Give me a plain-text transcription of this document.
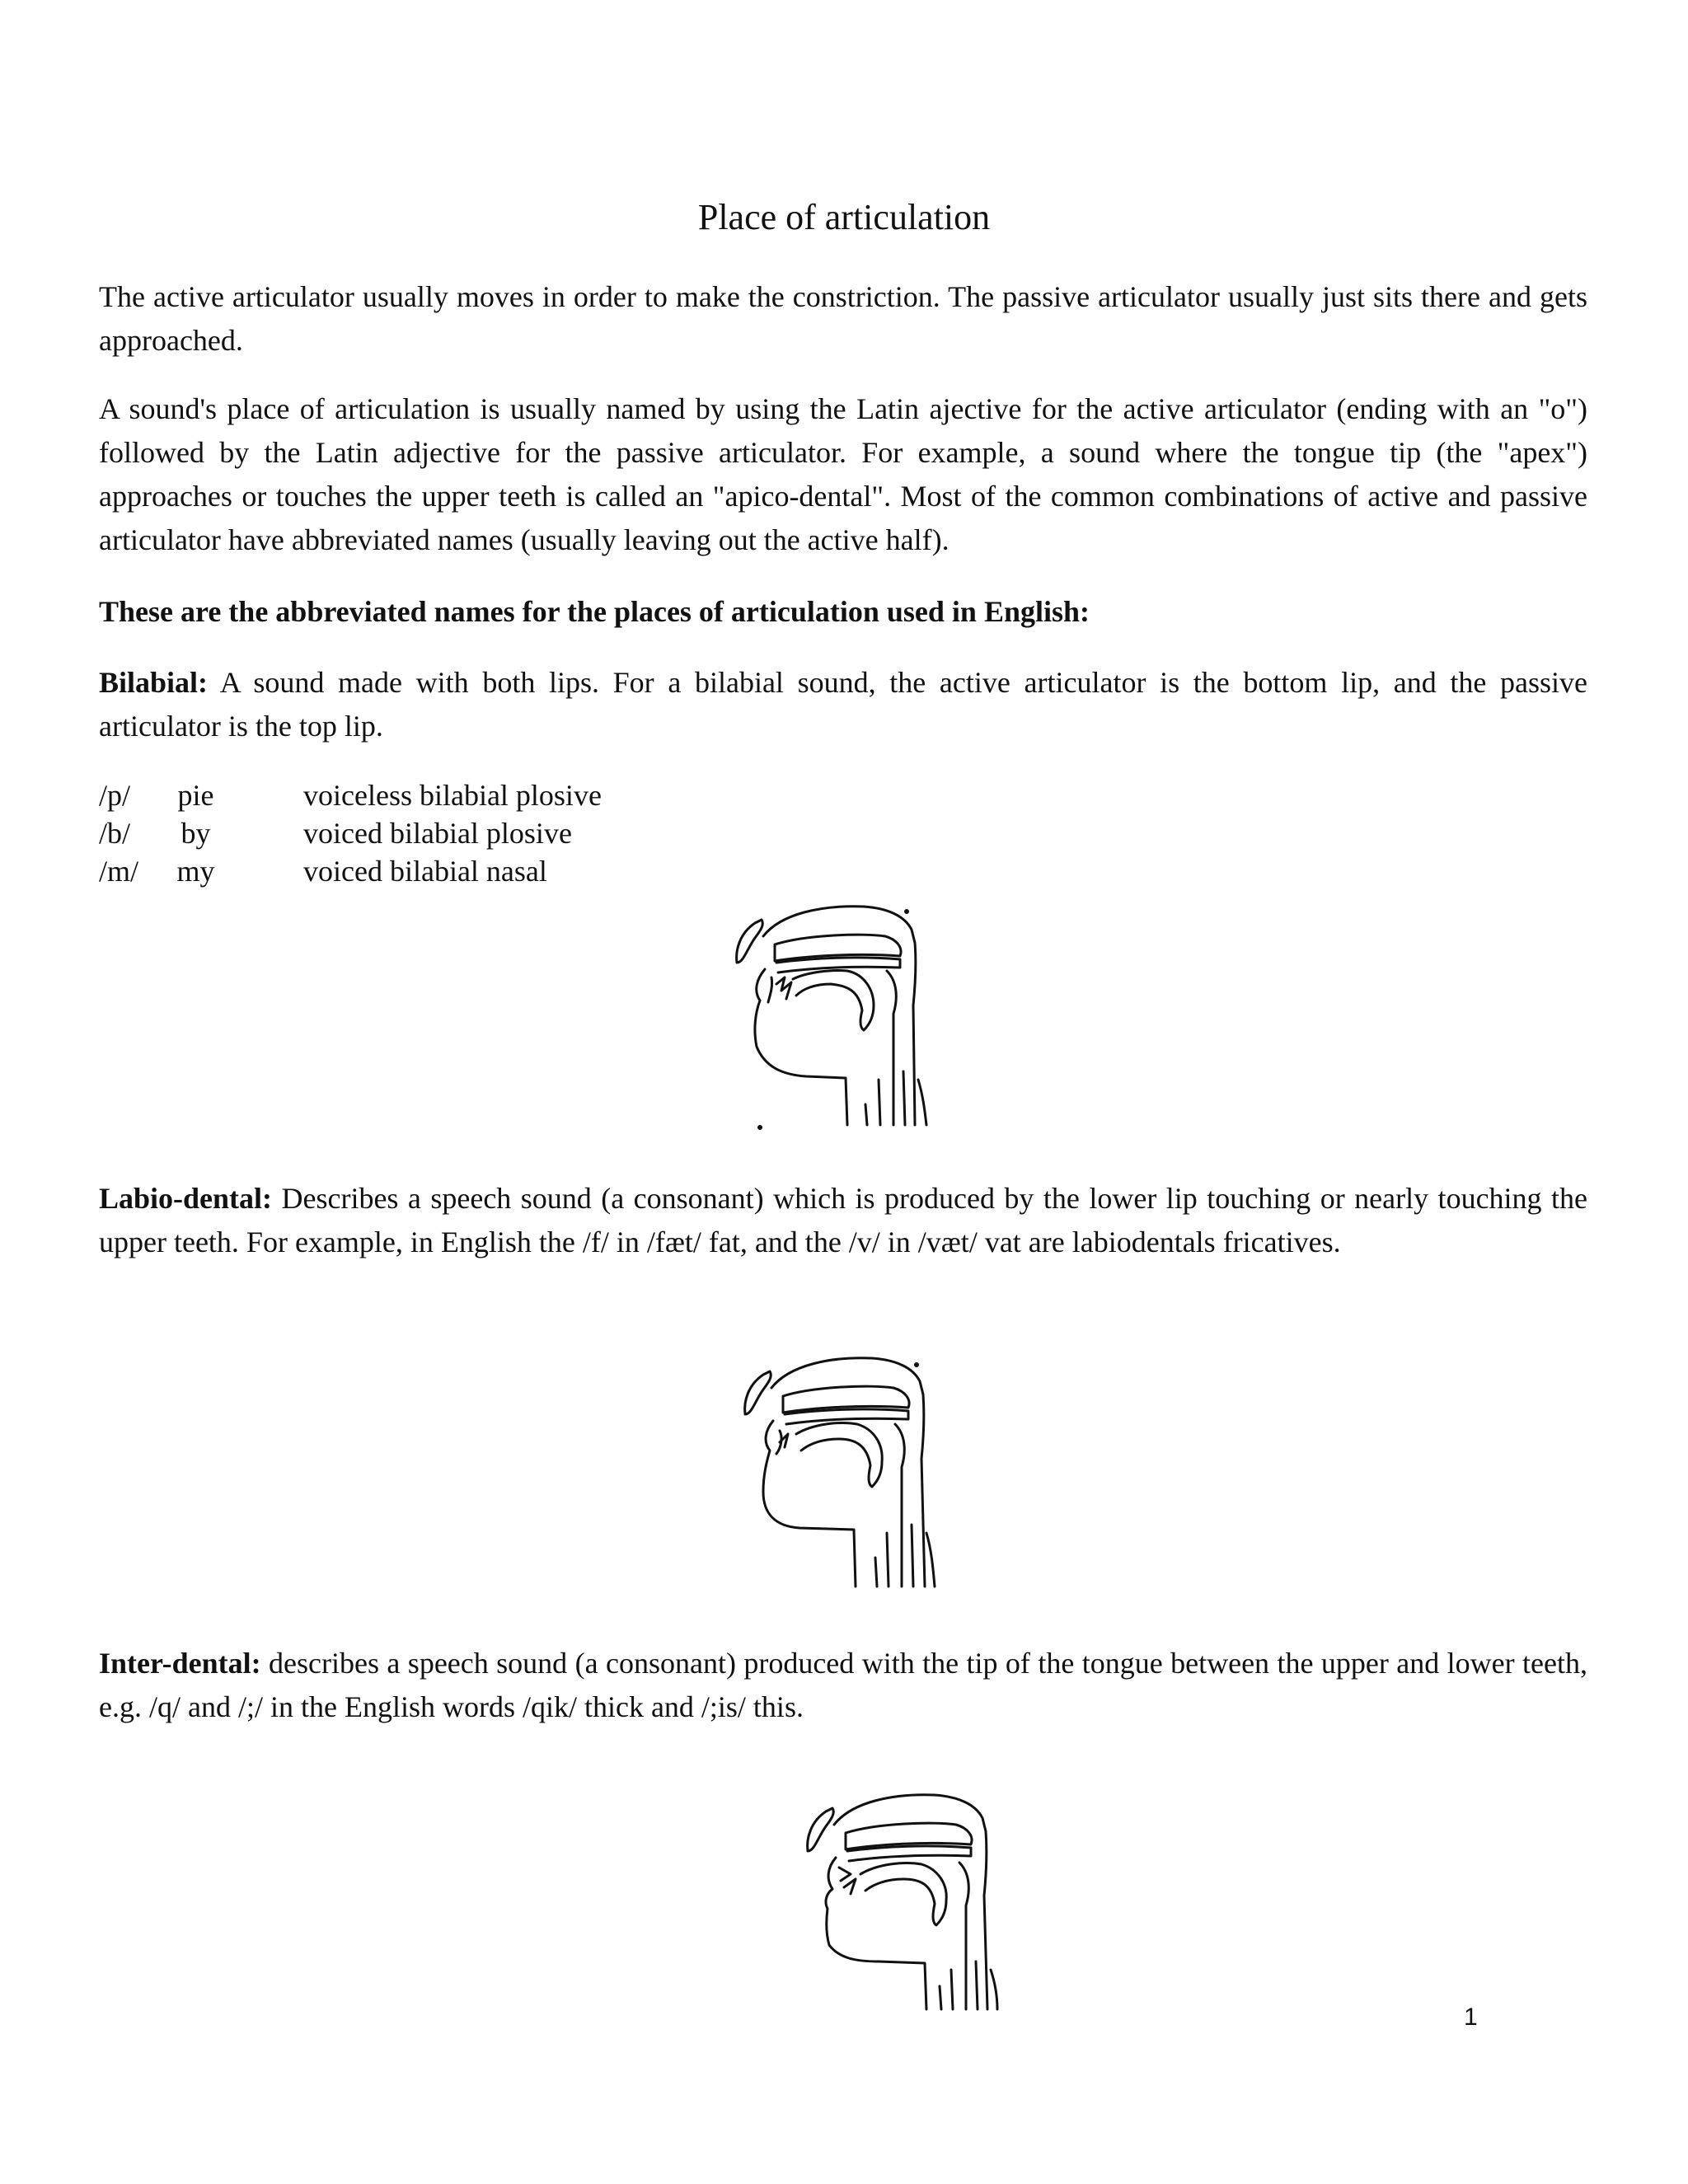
Place of articulation

The active articulator usually moves in order to make the constriction. The passive articulator usually just sits there and gets approached.

A sound's place of articulation is usually named by using the Latin ajective for the active articulator (ending with an "o") followed by the Latin adjective for the passive articulator. For example, a sound where the tongue tip (the "apex") approaches or touches the upper teeth is called an "apico-dental". Most of the common combinations of active and passive articulator have abbreviated names (usually leaving out the active half).

These are the abbreviated names for the places of articulation used in English:

Bilabial: A sound made with both lips. For a bilabial sound, the active articulator is the bottom lip, and the passive articulator is the top lip.

/p/	pie	voiceless bilabial plosive
/b/	by	voiced bilabial plosive
/m/	my	voiced bilabial nasal

Labio-dental: Describes a speech sound (a consonant) which is produced by the lower lip touching or nearly touching the upper teeth. For example, in English the /f/ in /fæt/ fat, and the /v/ in /væt/ vat are labiodentals fricatives.

Inter-dental: describes a speech sound (a consonant) produced with the tip of the tongue between the upper and lower teeth, e.g. /q/ and /;/ in the English words /qik/ thick and /;is/ this.

1
